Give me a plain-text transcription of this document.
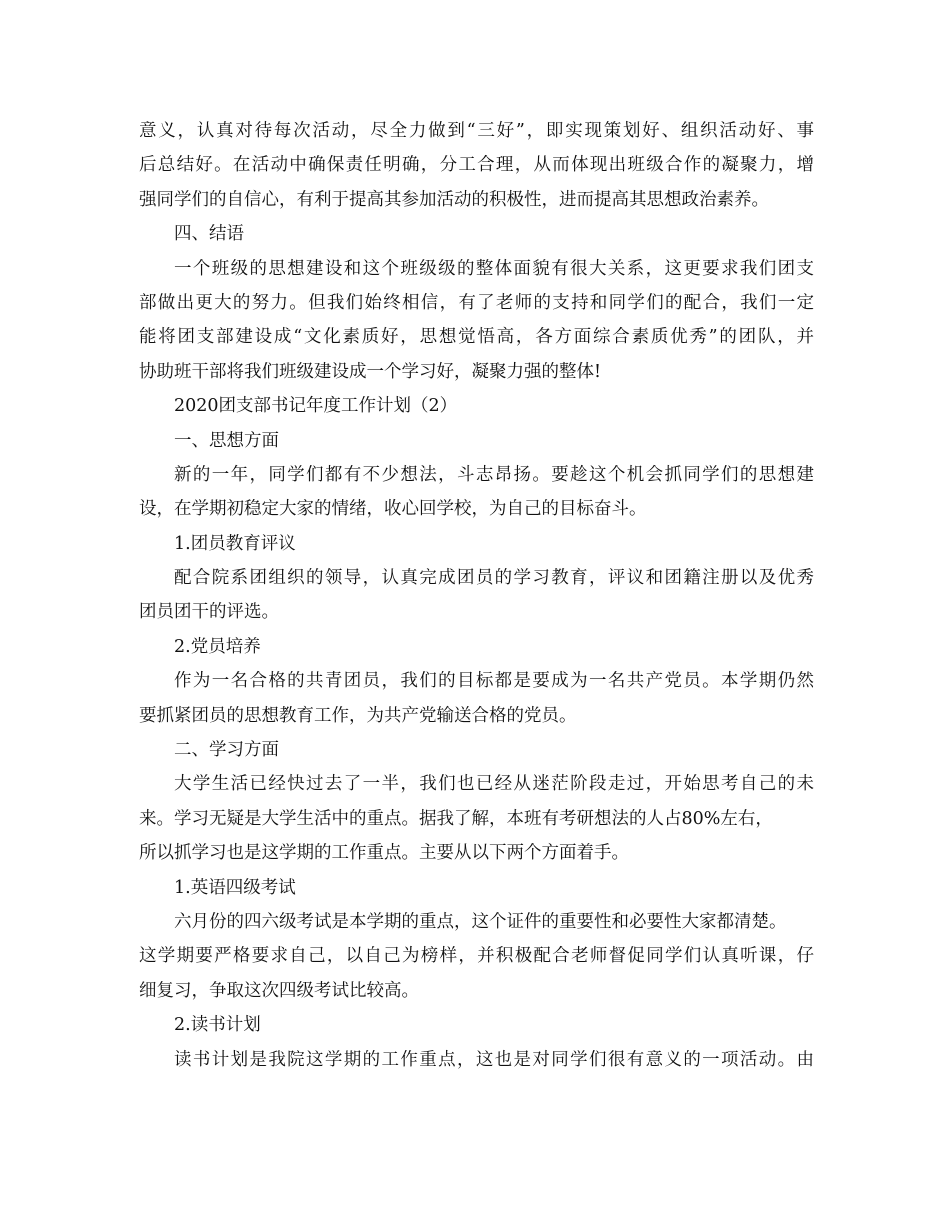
意义，认真对待每次活动，尽全力做到“三好”，即实现策划好、组织活动好、事
后总结好。在活动中确保责任明确，分工合理，从而体现出班级合作的凝聚力，增
强同学们的自信心，有利于提高其参加活动的积极性，进而提高其思想政治素养。
四、结语
一个班级的思想建设和这个班级级的整体面貌有很大关系，这更要求我们团支
部做出更大的努力。但我们始终相信，有了老师的支持和同学们的配合，我们一定
能将团支部建设成“文化素质好，思想觉悟高，各方面综合素质优秀”的团队，并
协助班干部将我们班级建设成一个学习好，凝聚力强的整体!
2020团支部书记年度工作计划（2）
一、思想方面
新的一年，同学们都有不少想法，斗志昂扬。要趁这个机会抓同学们的思想建
设，在学期初稳定大家的情绪，收心回学校，为自己的目标奋斗。
1.团员教育评议
配合院系团组织的领导，认真完成团员的学习教育，评议和团籍注册以及优秀
团员团干的评选。
2.党员培养
作为一名合格的共青团员，我们的目标都是要成为一名共产党员。本学期仍然
要抓紧团员的思想教育工作，为共产党输送合格的党员。
二、学习方面
大学生活已经快过去了一半，我们也已经从迷茫阶段走过，开始思考自己的未
来。学习无疑是大学生活中的重点。据我了解，本班有考研想法的人占80%左右，
所以抓学习也是这学期的工作重点。主要从以下两个方面着手。
1.英语四级考试
六月份的四六级考试是本学期的重点，这个证件的重要性和必要性大家都清楚。
这学期要严格要求自己，以自己为榜样，并积极配合老师督促同学们认真听课，仔
细复习，争取这次四级考试比较高。
2.读书计划
读书计划是我院这学期的工作重点，这也是对同学们很有意义的一项活动。由
